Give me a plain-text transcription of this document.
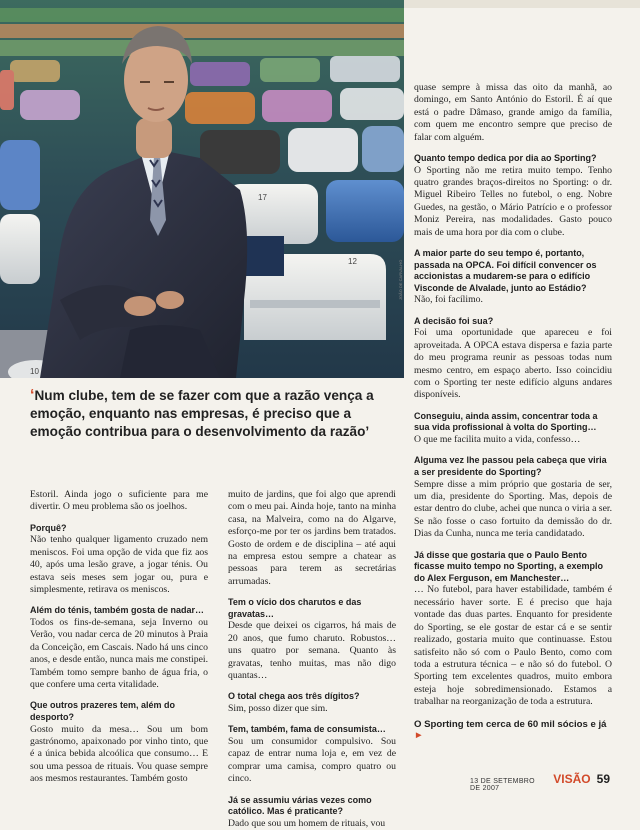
10
12
17
JOÃO DE CARVALHO
‘Num clube, tem de se fazer com que a razão vença a emoção, enquanto nas empresas, é preciso que a emoção contribua para o desenvolvimento da razão’

Estoril. Ainda jogo o suficiente para me divertir. O meu problema são os joelhos.

Porquê?

Não tenho qualquer ligamento cruzado nem meniscos. Foi uma opção de vida que fiz aos 40, após uma lesão grave, a jogar ténis. Ou estava seis meses sem jogar ou, pura e simplesmente, retirava os meniscos.

Além do ténis, também gosta de nadar…

Todos os fins-de-semana, seja Inverno ou Verão, vou nadar cerca de 20 minutos à Praia da Conceição, em Cascais. Nado há uns cinco anos, e desde então, nunca mais me constipei. Também tomo sempre banho de água fria, o que confere uma certa vitalidade.

Que outros prazeres tem, além do desporto?

Gosto muito da mesa… Sou um bom gastrónomo, apaixonado por vinho tinto, que é a única bebida alcoólica que consumo… E sou uma pessoa de rituais. Vou quase sempre aos mesmos restaurantes. Também gosto

muito de jardins, que foi algo que aprendi com o meu pai. Ainda hoje, tanto na minha casa, na Malveira, como na do Algarve, esforço-me por ter os jardins bem tratados. Gosto de ordem e de disciplina – até aqui na empresa estou sempre a chatear as pessoas para terem as secretárias arrumadas.

Tem o vício dos charutos e das gravatas…

Desde que deixei os cigarros, há mais de 20 anos, que fumo charuto. Robustos… uns quatro por semana. Quanto às gravatas, tenho muitas, mas não digo quantas…

O total chega aos três dígitos?

Sim, posso dizer que sim.

Tem, também, fama de consumista…

Sou um consumidor compulsivo. Sou capaz de entrar numa loja e, em vez de comprar uma camisa, compro quatro ou cinco.

Já se assumiu várias vezes como católico. Mas é praticante?

Dado que sou um homem de rituais, vou

quase sempre à missa das oito da manhã, ao domingo, em Santo António do Estoril. É aí que está o padre Dâmaso, grande amigo da família, com quem me encontro sempre que preciso de falar com alguém.

Quanto tempo dedica por dia ao Sporting?

O Sporting não me retira muito tempo. Tenho quatro grandes braços-direitos no Sporting: o dr. Miguel Ribeiro Telles no futebol, o eng. Nobre Guedes, na gestão, o Mário Patrício e o professor Moniz Pereira, nas modalidades. Gasto pouco mais de uma hora por dia com o clube.

A maior parte do seu tempo é, portanto, passada na OPCA. Foi difícil convencer os accionistas a mudarem-se para o edifício Visconde de Alvalade, junto ao Estádio?

Não, foi facílimo.

A decisão foi sua?

Foi uma oportunidade que apareceu e foi aproveitada. A OPCA estava dispersa e fazia parte do meu programa reunir as pessoas todas num mesmo centro, em espaço aberto. Isso coincidiu com o Sporting ter neste edifício alguns andares disponíveis.

Conseguiu, ainda assim, concentrar toda a sua vida profissional à volta do Sporting…

O que me facilita muito a vida, confesso…

Alguma vez lhe passou pela cabeça que viria a ser presidente do Sporting?

Sempre disse a mim próprio que gostaria de ser, um dia, presidente do Sporting. Mas, depois de estar dentro do clube, achei que nunca o viria a ser. Se não fosse o caso fortuito da demissão do dr. Dias da Cunha, nunca me teria candidatado.

Já disse que gostaria que o Paulo Bento ficasse muito tempo no Sporting, a exemplo do Alex Ferguson, em Manchester…

… No futebol, para haver estabilidade, também é necessário haver sorte. E é preciso que haja vontade das duas partes. Enquanto for presidente do Sporting, se ele gostar de estar cá e se sentir realizado, gostaria muito que continuasse. Estou satisfeito não só com o Paulo Bento, como com toda a estrutura técnica – e não só do futebol. O Sporting tem excelentes quadros, muito embora esteja hoje sobredimensionado. Estamos a trabalhar na reorganização de toda a estrutura.

O Sporting tem cerca de 60 mil sócios e já ►

13 DE SETEMBRO DE 2007
VISÃO 59
